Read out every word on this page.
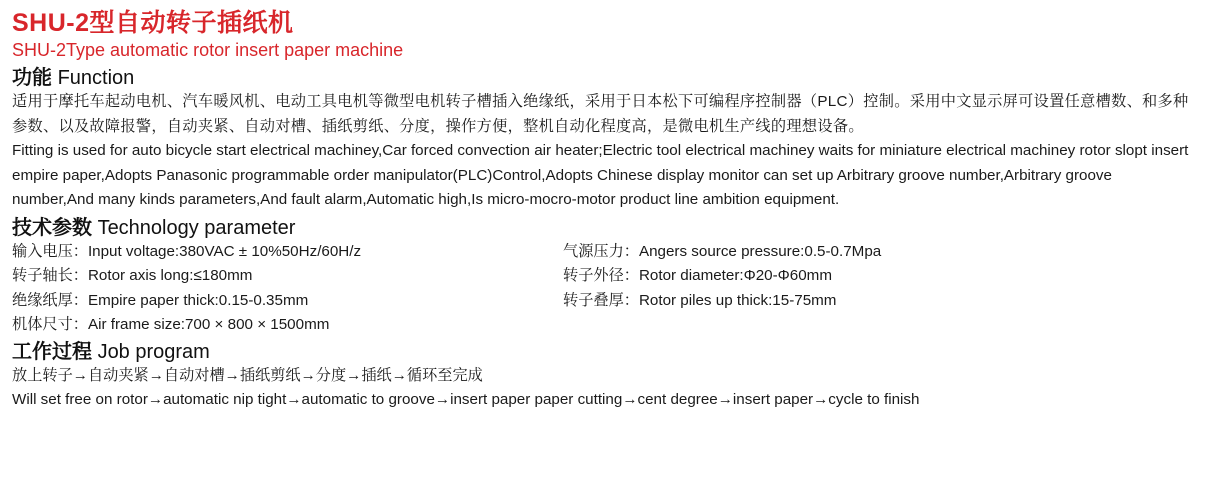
SHU-2型自动转子插纸机
SHU-2Type automatic rotor insert paper machine
功能 Function
适用于摩托车起动电机、汽车暖风机、电动工具电机等微型电机转子槽插入绝缘纸，采用于日本松下可编程序控制器（PLC）控制。采用中文显示屏可设置任意槽数、和多种参数、以及故障报警，自动夹紧、自动对槽、插纸剪纸、分度，操作方便，整机自动化程度高，是微电机生产线的理想设备。
Fitting is used for auto bicycle start electrical machiney,Car forced convection air heater;Electric tool electrical machiney waits for miniature electrical machiney rotor slopt insert empire paper,Adopts Panasonic programmable order manipulator(PLC)Control,Adopts Chinese display monitor can set up Arbitrary groove number,Arbitrary groove number,And many kinds parameters,And fault alarm,Automatic high,Is micro-mocro-motor product line ambition equipment.
技术参数 Technology parameter
输入电压：Input voltage:380VAC ± 10%50Hz/60H/z	气源压力：Angers source pressure:0.5-0.7Mpa
转子轴长：Rotor axis long:≤180mm	转子外径：Rotor diameter:Φ20-Φ60mm
绝缘纸厚：Empire paper thick:0.15-0.35mm	转子叠厚：Rotor piles up thick:15-75mm
机体尺寸：Air frame size:700 × 800 × 1500mm
工作过程 Job program
放上转子→自动夹紧→自动对槽→插纸剪纸→分度→插纸→循环至完成
Will set free on rotor→automatic nip tight→automatic to groove→insert paper paper cutting→cent degree→insert paper→cycle to finish
